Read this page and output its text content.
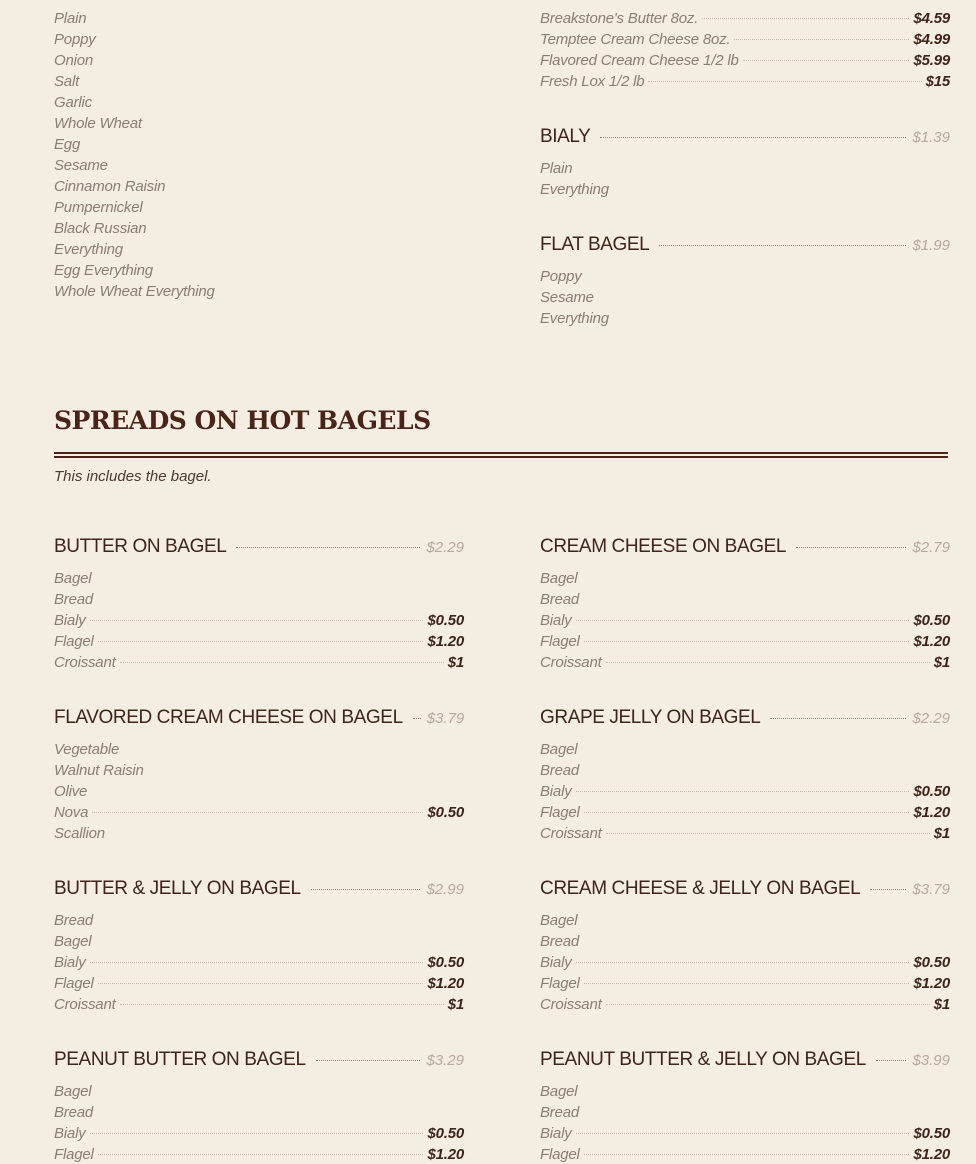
Plain
Poppy
Onion
Salt
Garlic
Whole Wheat
Egg
Sesame
Cinnamon Raisin
Pumpernickel
Black Russian
Everything
Egg Everything
Whole Wheat Everything
Breakstone's Butter 8oz.	$4.59
Temptee Cream Cheese 8oz.	$4.99
Flavored Cream Cheese 1/2 lb	$5.99
Fresh Lox 1/2 lb	$15
BIALY	$1.39
Plain
Everything
FLAT BAGEL	$1.99
Poppy
Sesame
Everything
SPREADS ON HOT BAGELS
This includes the bagel.
BUTTER ON BAGEL	$2.29
Bagel
Bread
Bialy	$0.50
Flagel	$1.20
Croissant	$1
CREAM CHEESE ON BAGEL	$2.79
Bagel
Bread
Bialy	$0.50
Flagel	$1.20
Croissant	$1
FLAVORED CREAM CHEESE ON BAGEL $3.79
Vegetable
Walnut Raisin
Olive
Nova	$0.50
Scallion
GRAPE JELLY ON BAGEL	$2.29
Bagel
Bread
Bialy	$0.50
Flagel	$1.20
Croissant	$1
BUTTER & JELLY ON BAGEL	$2.99
Bread
Bagel
Bialy	$0.50
Flagel	$1.20
Croissant	$1
CREAM CHEESE & JELLY ON BAGEL	$3.79
Bagel
Bread
Bialy	$0.50
Flagel	$1.20
Croissant	$1
PEANUT BUTTER ON BAGEL	$3.29
Bagel
Bread
Bialy	$0.50
Flagel	$1.20
PEANUT BUTTER & JELLY ON BAGEL	$3.99
Bagel
Bread
Bialy	$0.50
Flagel	$1.20
